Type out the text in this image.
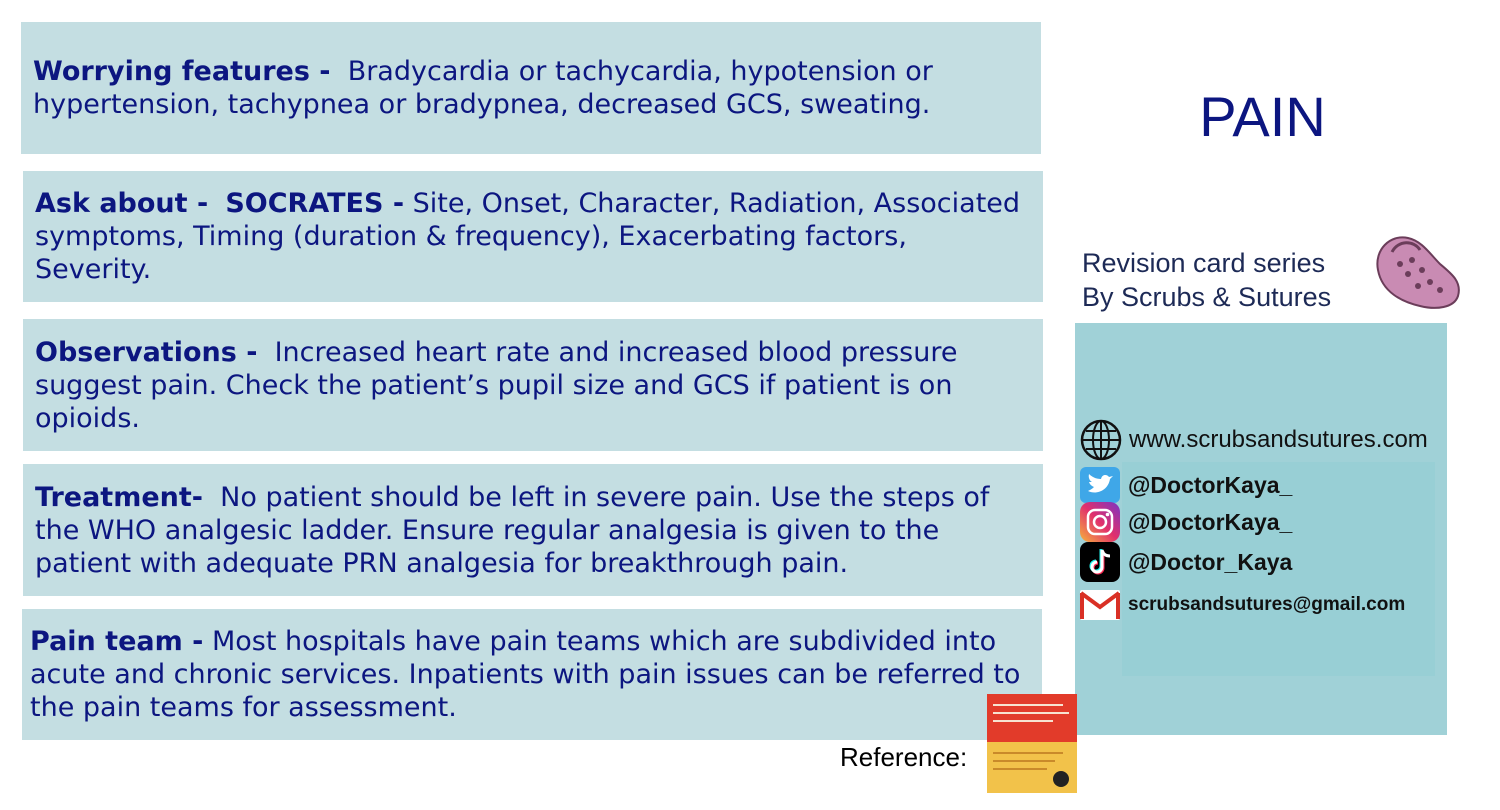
Worrying features - Bradycardia or tachycardia, hypotension or hypertension, tachypnea or bradypnea, decreased GCS, sweating.

Ask about - SOCRATES - Site, Onset, Character, Radiation, Associated symptoms, Timing (duration & frequency), Exacerbating factors, Severity.

Observations - Increased heart rate and increased blood pressure suggest pain. Check the patient’s pupil size and GCS if patient is on opioids.

Treatment- No patient should be left in severe pain. Use the steps of the WHO analgesic ladder. Ensure regular analgesia is given to the patient with adequate PRN analgesia for breakthrough pain.

Pain team - Most hospitals have pain teams which are subdivided into acute and chronic services. Inpatients with pain issues can be referred to the pain teams for assessment.

PAIN
Revision card series
By Scrubs & Sutures
www.scrubsandsutures.com
@DoctorKaya_
@DoctorKaya_
@Doctor_Kaya
scrubsandsutures@gmail.com
Reference:
